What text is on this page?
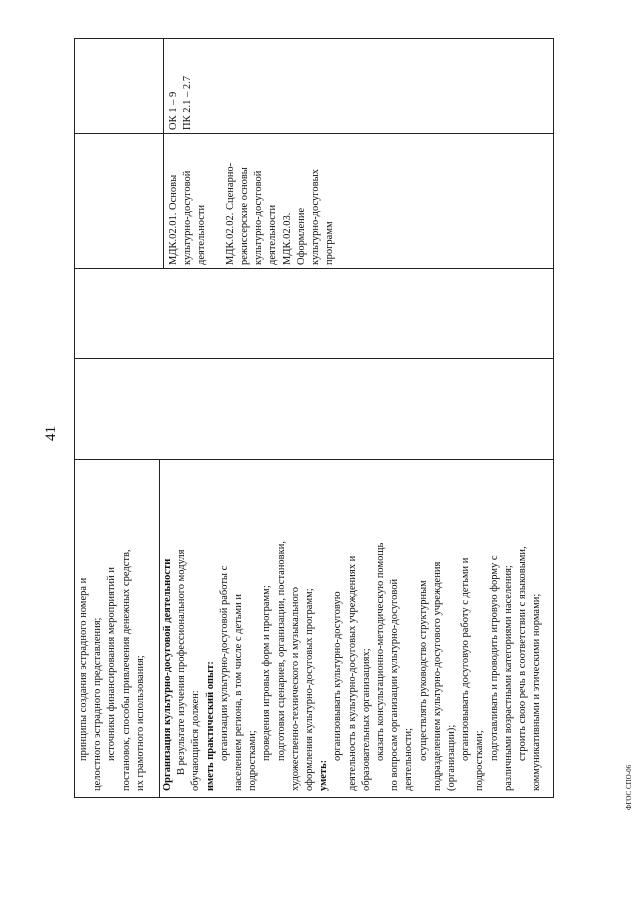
41

принципы создания эстрадного номера и целостного эстрадного представления; источники финансирования мероприятий и постановок, способы привлечения денежных средств, их грамотного использования; Организация культурно-досуговой деятельности В результате изучения профессионального модуля обучающийся должен: иметь практический опыт: организации культурно-досуговой работы с населением региона, в том числе с детьми и подростками; проведения игровых форм и программ; подготовки сценариев, организации, постановки, художественно-технического и музыкального оформления культурно-досуговых программ; уметь:

организовывать культурно-досуговую деятельность в культурно-досуговых учреждениях и образовательных организациях; оказать консультационно-методическую помощь по вопросам организации культурно-досуговой деятельности; осуществлять руководство структурным подразделением культурно-досугового учреждения (организации); организовывать досуговую работу с детьми и подростками; подготавливать и проводить игровую форму с различными возрастными категориями населения; строить свою речь в соответствии с языковыми, коммуникативными и этическими нормами;

МДК.02.01. Основы культурно-досуговой деятельности МДК.02.02. Сценарно- режиссерские основы культурно-досуговой деятельности МДК.02.03. Оформление культурно-досуговых программ

ОК 1 – 9 ПК 2.1 – 2.7

ФГОС СПО-06
